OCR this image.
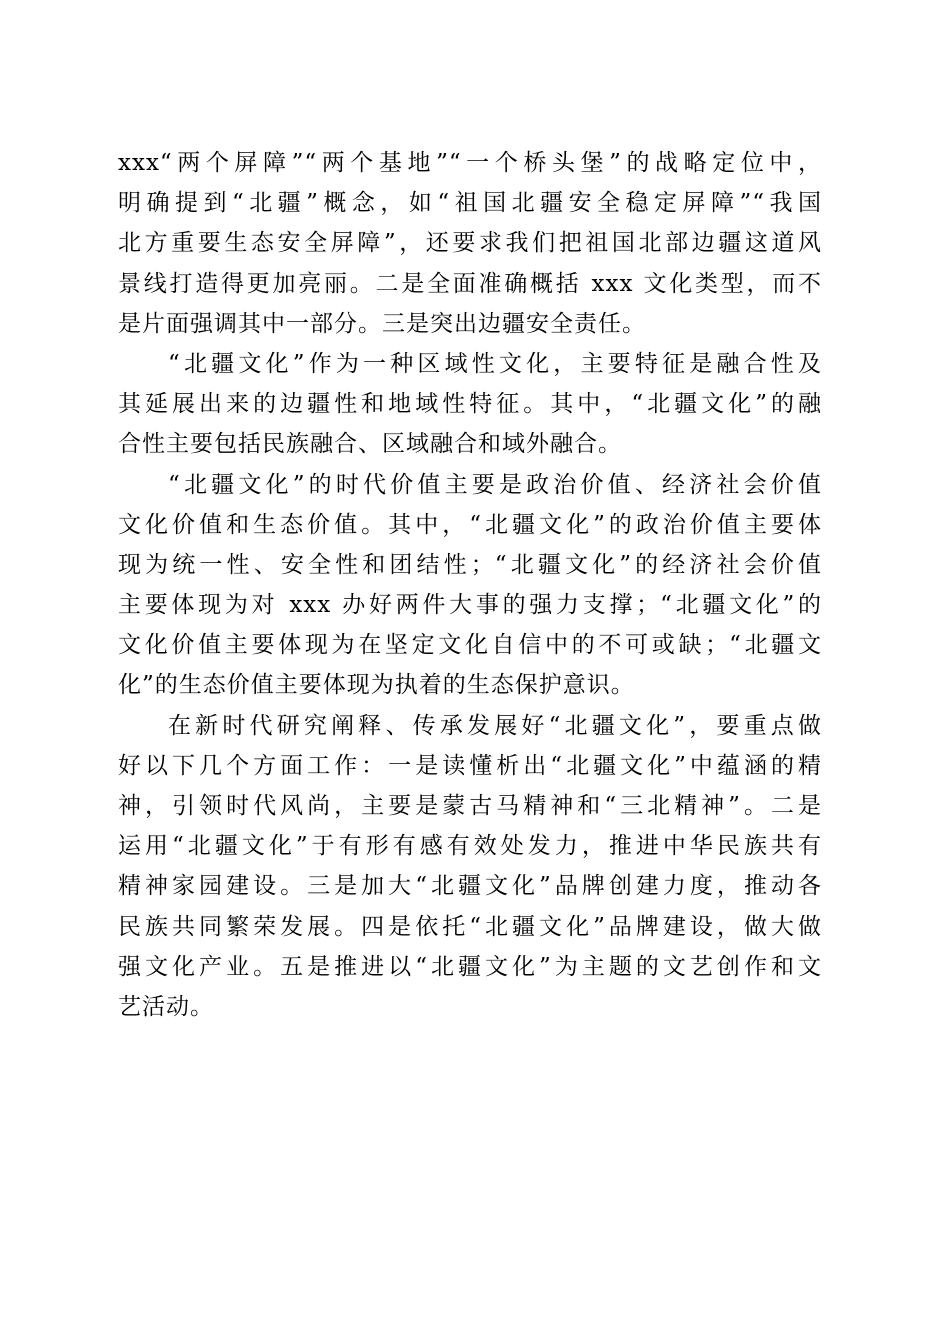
xxx“两个屏障”“两个基地”“一个桥头堡”的战略定位中，
明确提到“北疆”概念，如“祖国北疆安全稳定屏障”“我国
北方重要生态安全屏障”，还要求我们把祖国北部边疆这道风
景线打造得更加亮丽。二是全面准确概括 xxx 文化类型，而不
是片面强调其中一部分。三是突出边疆安全责任。
“北疆文化”作为一种区域性文化，主要特征是融合性及
其延展出来的边疆性和地域性特征。其中，“北疆文化”的融
合性主要包括民族融合、区域融合和域外融合。
“北疆文化”的时代价值主要是政治价值、经济社会价值
文化价值和生态价值。其中，“北疆文化”的政治价值主要体
现为统一性、安全性和团结性；“北疆文化”的经济社会价值
主要体现为对 xxx 办好两件大事的强力支撑；“北疆文化”的
文化价值主要体现为在坚定文化自信中的不可或缺；“北疆文
化”的生态价值主要体现为执着的生态保护意识。
在新时代研究阐释、传承发展好“北疆文化”，要重点做
好以下几个方面工作：一是读懂析出“北疆文化”中蕴涵的精
神，引领时代风尚，主要是蒙古马精神和“三北精神”。二是
运用“北疆文化”于有形有感有效处发力，推进中华民族共有
精神家园建设。三是加大“北疆文化”品牌创建力度，推动各
民族共同繁荣发展。四是依托“北疆文化”品牌建设，做大做
强文化产业。五是推进以“北疆文化”为主题的文艺创作和文
艺活动。
